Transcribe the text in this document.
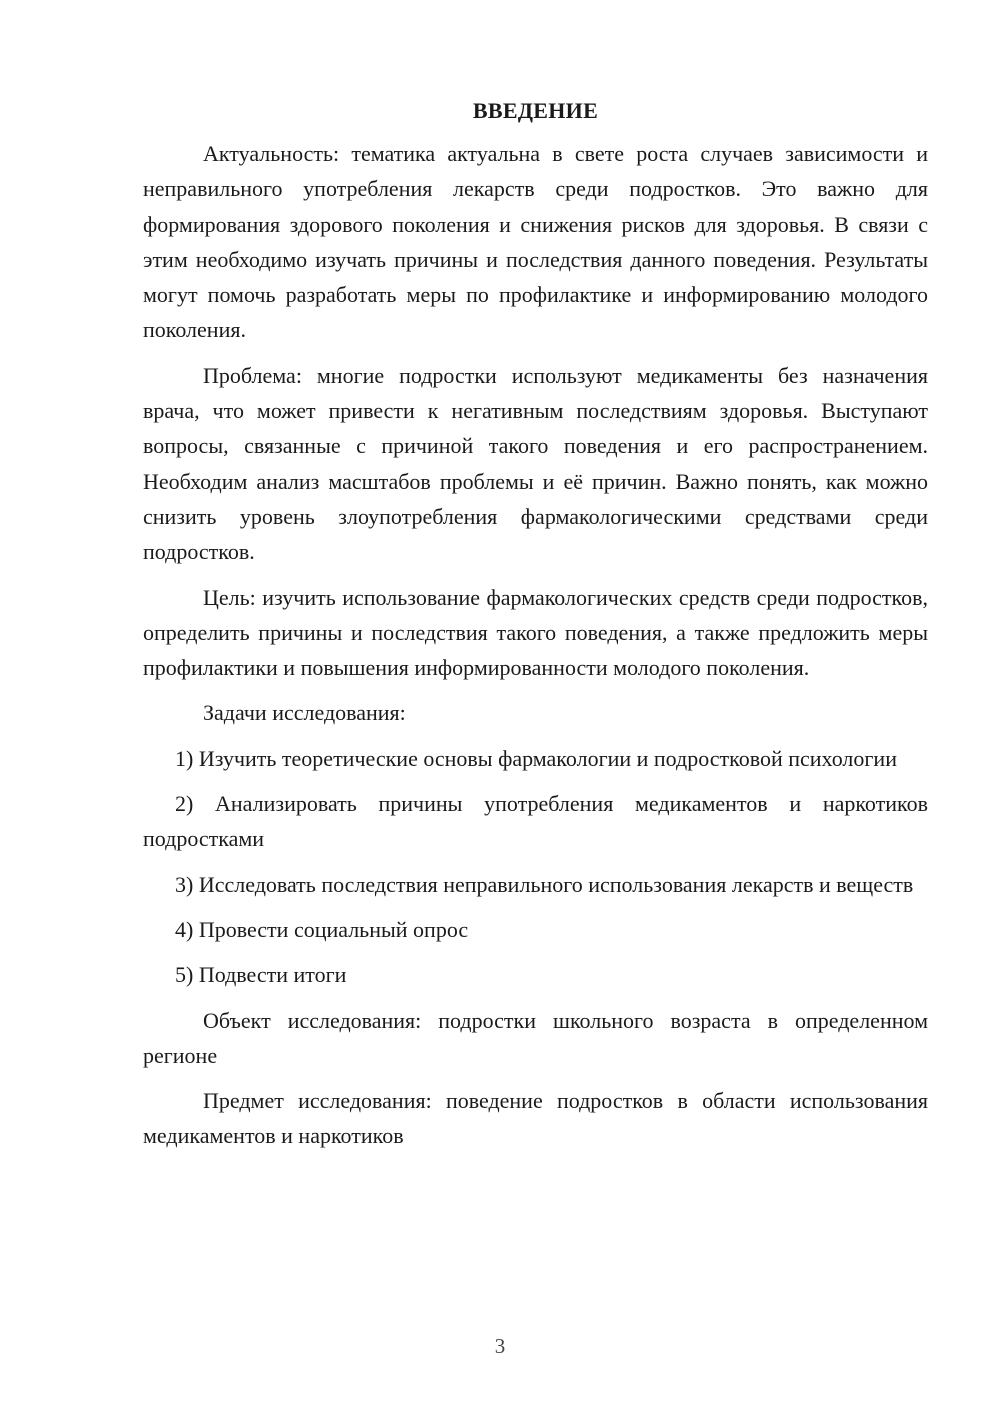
ВВЕДЕНИЕ

Актуальность: тематика актуальна в свете роста случаев зависимости и неправильного употребления лекарств среди подростков. Это важно для формирования здорового поколения и снижения рисков для здоровья. В связи с этим необходимо изучать причины и последствия данного поведения. Результаты могут помочь разработать меры по профилактике и информированию молодого поколения.

Проблема: многие подростки используют медикаменты без назначения врача, что может привести к негативным последствиям здоровья. Выступают вопросы, связанные с причиной такого поведения и его распространением. Необходим анализ масштабов проблемы и её причин. Важно понять, как можно снизить уровень злоупотребления фармакологическими средствами среди подростков.

Цель: изучить использование фармакологических средств среди подростков, определить причины и последствия такого поведения, а также предложить меры профилактики и повышения информированности молодого поколения.

Задачи исследования:

1) Изучить теоретические основы фармакологии и подростковой психологии

2) Анализировать причины употребления медикаментов и наркотиков подростками

3) Исследовать последствия неправильного использования лекарств и веществ

4) Провести социальный опрос

5) Подвести итоги

Объект исследования: подростки школьного возраста в определенном регионе

Предмет исследования: поведение подростков в области использования медикаментов и наркотиков

3
